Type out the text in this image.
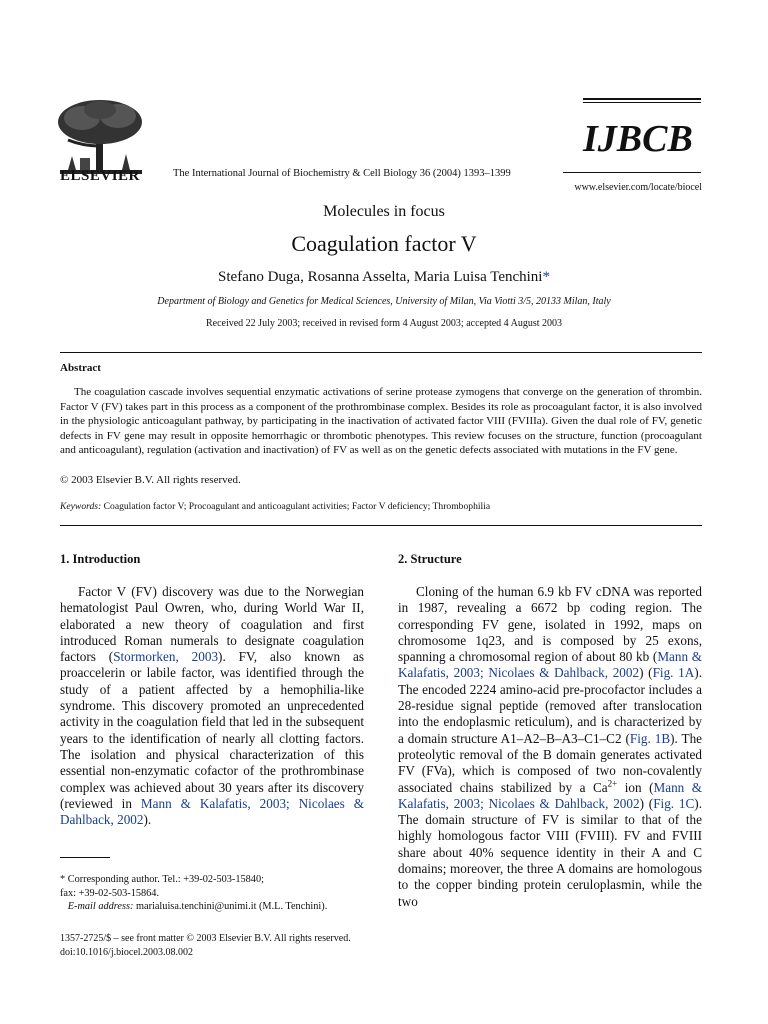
ELSEVIER	The International Journal of Biochemistry & Cell Biology 36 (2004) 1393–1399
IJBCB
www.elsevier.com/locate/biocel
Molecules in focus
Coagulation factor V
Stefano Duga, Rosanna Asselta, Maria Luisa Tenchini*
Department of Biology and Genetics for Medical Sciences, University of Milan, Via Viotti 3/5, 20133 Milan, Italy
Received 22 July 2003; received in revised form 4 August 2003; accepted 4 August 2003
Abstract
The coagulation cascade involves sequential enzymatic activations of serine protease zymogens that converge on the generation of thrombin. Factor V (FV) takes part in this process as a component of the prothrombinase complex. Besides its role as procoagulant factor, it is also involved in the physiologic anticoagulant pathway, by participating in the inactivation of activated factor VIII (FVIIIa). Given the dual role of FV, genetic defects in FV gene may result in opposite hemorrhagic or thrombotic phenotypes. This review focuses on the structure, function (procoagulant and anticoagulant), regulation (activation and inactivation) of FV as well as on the genetic defects associated with mutations in the FV gene.
© 2003 Elsevier B.V. All rights reserved.
Keywords: Coagulation factor V; Procoagulant and anticoagulant activities; Factor V deficiency; Thrombophilia
1. Introduction
Factor V (FV) discovery was due to the Norwegian hematologist Paul Owren, who, during World War II, elaborated a new theory of coagulation and first introduced Roman numerals to designate coagulation factors (Stormorken, 2003). FV, also known as proaccelerin or labile factor, was identified through the study of a patient affected by a hemophilia-like syndrome. This discovery promoted an unprecedented activity in the coagulation field that led in the subsequent years to the identification of nearly all clotting factors. The isolation and physical characterization of this essential non-enzymatic cofactor of the prothrombinase complex was achieved about 30 years after its discovery (reviewed in Mann & Kalafatis, 2003; Nicolaes & Dahlback, 2002).
2. Structure
Cloning of the human 6.9 kb FV cDNA was reported in 1987, revealing a 6672 bp coding region. The corresponding FV gene, isolated in 1992, maps on chromosome 1q23, and is composed by 25 exons, spanning a chromosomal region of about 80 kb (Mann & Kalafatis, 2003; Nicolaes & Dahlback, 2002) (Fig. 1A). The encoded 2224 amino-acid pre-procofactor includes a 28-residue signal peptide (removed after translocation into the endoplasmic reticulum), and is characterized by a domain structure A1–A2–B–A3–C1–C2 (Fig. 1B). The proteolytic removal of the B domain generates activated FV (FVa), which is composed of two non-covalently associated chains stabilized by a $Ca^{2+}$ ion (Mann & Kalafatis, 2003; Nicolaes & Dahlback, 2002) (Fig. 1C). The domain structure of FV is similar to that of the highly homologous factor VIII (FVIII). FV and FVIII share about 40% sequence identity in their A and C domains; moreover, the three A domains are homologous to the copper binding protein ceruloplasmin, while the two
* Corresponding author. Tel.: +39-02-503-15840;
fax: +39-02-503-15864.
E-mail address: marialuisa.tenchini@unimi.it (M.L. Tenchini).
1357-2725/$ – see front matter © 2003 Elsevier B.V. All rights reserved.
doi:10.1016/j.biocel.2003.08.002
